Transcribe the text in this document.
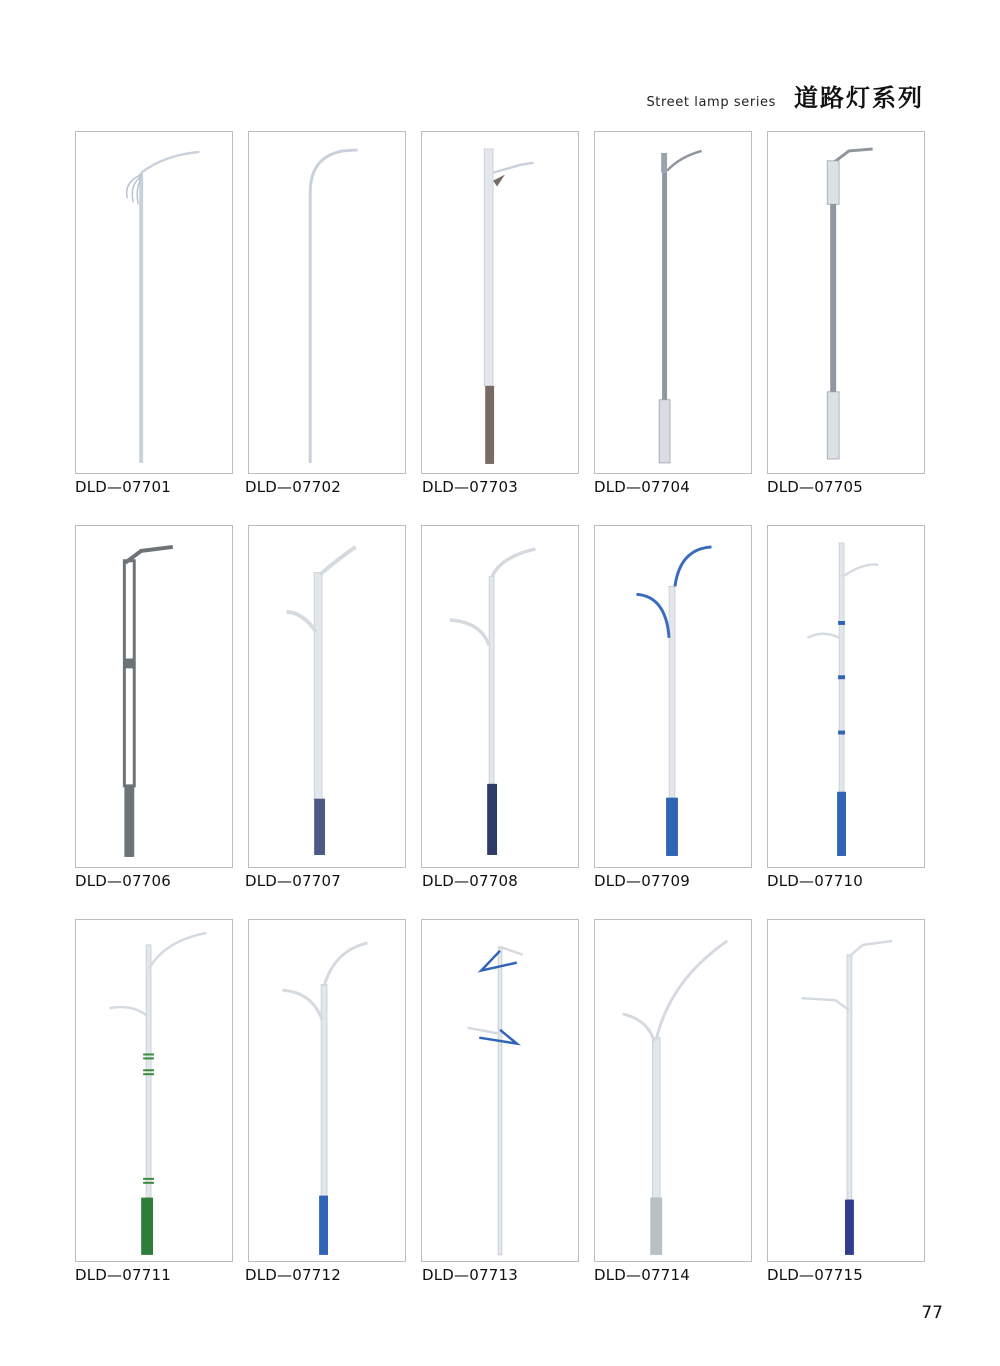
Street lamp series 道路灯系列
DLD—07701	DLD—07702	DLD—07703	DLD—07704	DLD—07705
DLD—07706	DLD—07707	DLD—07708	DLD—07709	DLD—07710
DLD—07711	DLD—07712	DLD—07713	DLD—07714	DLD—07715
77
